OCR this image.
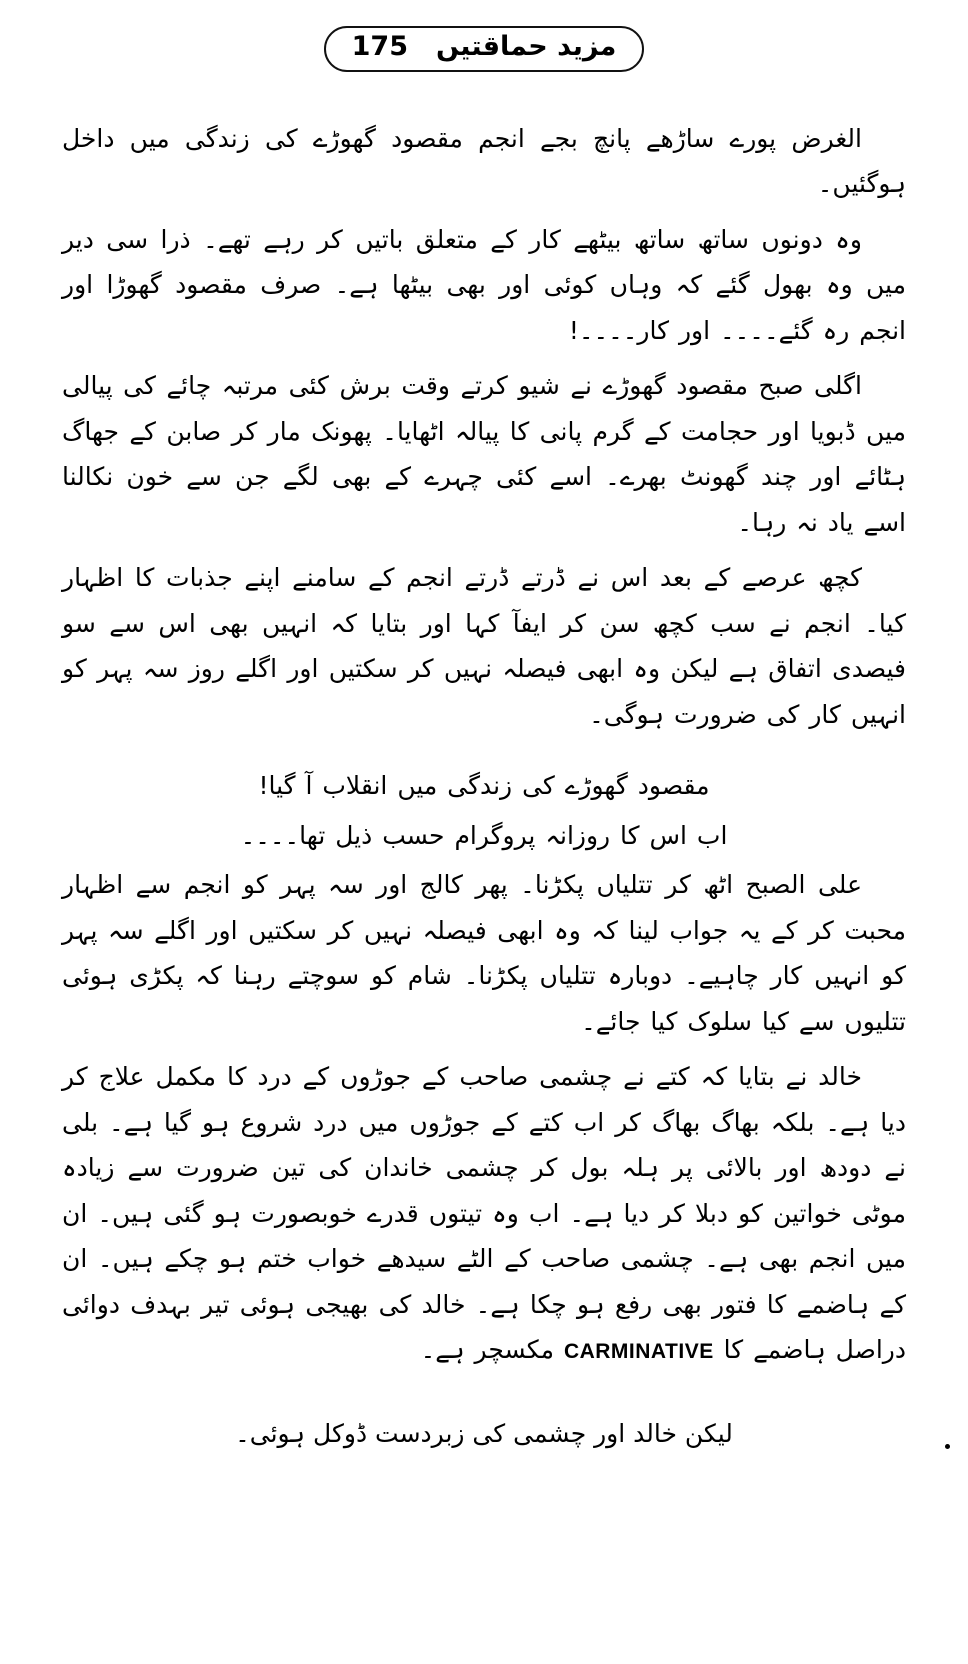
مزید حماقتیں
175

الغرض پورے ساڑھے پانچ بجے انجم مقصود گھوڑے کی زندگی میں داخل ہوگئیں۔

وہ دونوں ساتھ ساتھ بیٹھے کار کے متعلق باتیں کر رہے تھے۔ ذرا سی دیر میں وہ بھول گئے کہ وہاں کوئی اور بھی بیٹھا ہے۔ صرف مقصود گھوڑا اور انجم رہ گئے۔۔۔۔ اور کار۔۔۔۔!

اگلی صبح مقصود گھوڑے نے شیو کرتے وقت برش کئی مرتبہ چائے کی پیالی میں ڈبویا اور حجامت کے گرم پانی کا پیالہ اٹھایا۔ پھونک مار کر صابن کے جھاگ ہٹائے اور چند گھونٹ بھرے۔ اسے کئی چہرے کے بھی لگے جن سے خون نکالنا اسے یاد نہ رہا۔

کچھ عرصے کے بعد اس نے ڈرتے ڈرتے انجم کے سامنے اپنے جذبات کا اظہار کیا۔ انجم نے سب کچھ سن کر ایفآ کہا اور بتایا کہ انہیں بھی اس سے سو فیصدی اتفاق ہے لیکن وہ ابھی فیصلہ نہیں کر سکتیں اور اگلے روز سہ پہر کو انہیں کار کی ضرورت ہوگی۔

مقصود گھوڑے کی زندگی میں انقلاب آ گیا!

اب اس کا روزانہ پروگرام حسب ذیل تھا۔۔۔۔

علی الصبح اٹھ کر تتلیاں پکڑنا۔ پھر کالج اور سہ پہر کو انجم سے اظہار محبت کر کے یہ جواب لینا کہ وہ ابھی فیصلہ نہیں کر سکتیں اور اگلے سہ پہر کو انہیں کار چاہیے۔ دوبارہ تتلیاں پکڑنا۔ شام کو سوچتے رہنا کہ پکڑی ہوئی تتلیوں سے کیا سلوک کیا جائے۔

خالد نے بتایا کہ کتے نے چشمی صاحب کے جوڑوں کے درد کا مکمل علاج کر دیا ہے۔ بلکہ بھاگ بھاگ کر اب کتے کے جوڑوں میں درد شروع ہو گیا ہے۔ بلی نے دودھ اور بالائی پر ہلہ بول کر چشمی خاندان کی تین ضرورت سے زیادہ موٹی خواتین کو دبلا کر دیا ہے۔ اب وہ تیتوں قدرے خوبصورت ہو گئی ہیں۔ ان میں انجم بھی ہے۔ چشمی صاحب کے الٹے سیدھے خواب ختم ہو چکے ہیں۔ ان کے ہاضمے کا فتور بھی رفع ہو چکا ہے۔ خالد کی بھیجی ہوئی تیر بہدف دوائی دراصل ہاضمے کا CARMINATIVE مکسچر ہے۔

لیکن خالد اور چشمی کی زبردست ڈوکل ہوئی۔
